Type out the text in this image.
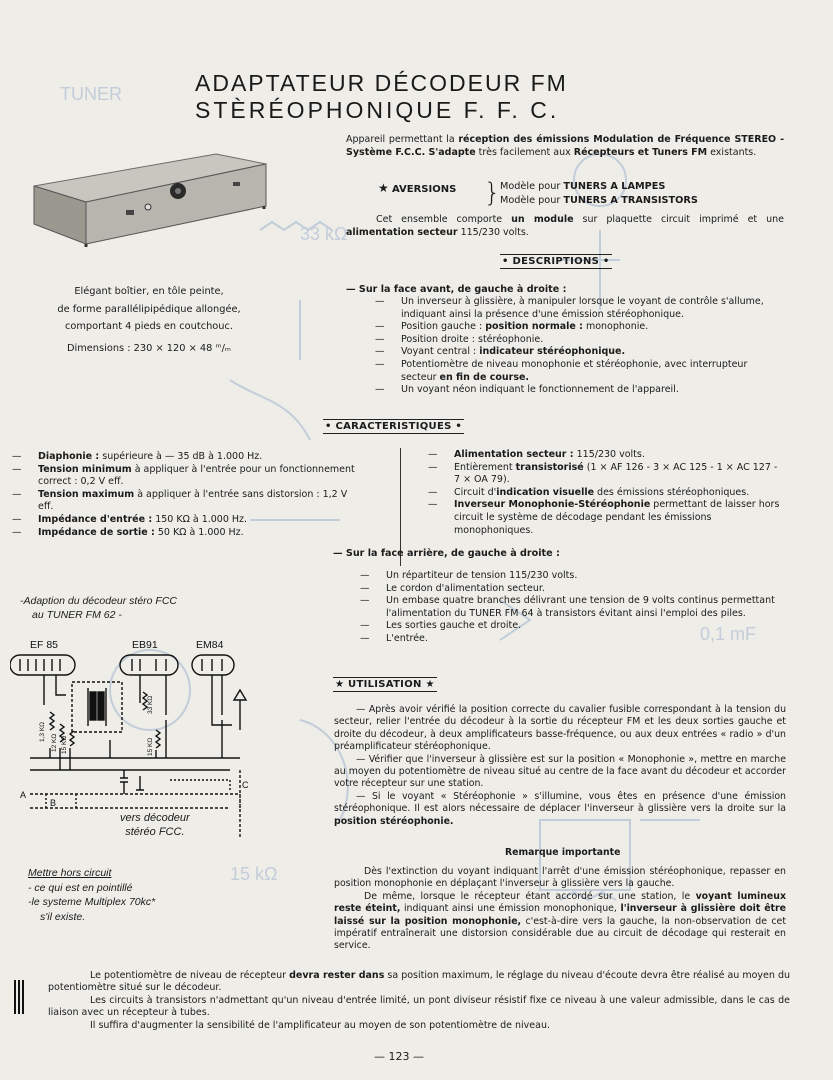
TUNER
33 kΩ
0,1 mF
15 kΩ
ADAPTATEUR DÉCODEUR FM
STÈRÉOPHONIQUE F. F. C.
Elégant boîtier, en tôle peinte,
de forme parallélipipédique allongée,
comportant 4 pieds en coutchouc.
Dimensions : 230 × 120 × 48 ᵐ/ₘ
Appareil permettant la réception des émissions Modulation de Fréquence STEREO - Système F.C.C. S'adapte très facilement aux Récepteurs et Tuners FM existants.
★ AVERSIONS } Modèle pour TUNERS A LAMPES
Modèle pour TUNERS A TRANSISTORS
Cet ensemble comporte un module sur plaquette circuit imprimé et une alimentation secteur 115/230 volts.
• DESCRIPTIONS •
— Sur la face avant, de gauche à droite :
— Un inverseur à glissière, à manipuler lorsque le voyant de contrôle s'allume, indiquant ainsi la présence d'une émission stéréophonique.
— Position gauche : position normale : monophonie.
— Position droite : stéréophonie.
— Voyant central : indicateur stéréophonique.
— Potentiomètre de niveau monophonie et stéréophonie, avec interrupteur secteur en fin de course.
— Un voyant néon indiquant le fonctionnement de l'appareil.
• CARACTERISTIQUES •
— Diaphonie : supérieure à — 35 dB à 1.000 Hz.
— Tension minimum à appliquer à l'entrée pour un fonctionnement correct : 0,2 V eff.
— Tension maximum à appliquer à l'entrée sans distorsion : 1,2 V eff.
— Impédance d'entrée : 150 KΩ à 1.000 Hz.
— Impédance de sortie : 50 KΩ à 1.000 Hz.
— Alimentation secteur : 115/230 volts.
— Entièrement transistorisé (1 × AF 126 - 3 × AC 125 - 1 × AC 127 - 7 × OA 79).
— Circuit d'indication visuelle des émissions stéréophoniques.
— Inverseur Monophonie-Stéréophonie permettant de laisser hors circuit le système de décodage pendant les émissions monophoniques.
— Sur la face arrière, de gauche à droite :
— Un répartiteur de tension 115/230 volts.
— Le cordon d'alimentation secteur.
— Un embase quatre branches délivrant une tension de 9 volts continus permettant l'alimentation du TUNER FM 64 à transistors évitant ainsi l'emploi des piles.
— Les sorties gauche et droite.
— L'entrée.
★ UTILISATION ★

— Après avoir vérifié la position correcte du cavalier fusible correspondant à la tension du secteur, relier l'entrée du décodeur à la sortie du récepteur FM et les deux sorties gauche et droite du décodeur, à deux amplificateurs basse-fréquence, ou aux deux entrées « radio » d'un préamplificateur stéréophonique.

— Vérifier que l'inverseur à glissière est sur la position « Monophonie », mettre en marche au moyen du potentiomètre de niveau situé au centre de la face avant du décodeur et accorder votre récepteur sur une station.

— Si le voyant « Stéréophonie » s'illumine, vous êtes en présence d'une émission stéréophonique. Il est alors nécessaire de déplacer l'inverseur à glissière vers la droite sur la position stéréophonie.

Remarque importante

Dès l'extinction du voyant indiquant l'arrêt d'une émission stéréophonique, repasser en position monophonie en déplaçant l'inverseur à glissière vers la gauche.

De même, lorsque le récepteur étant accordé sur une station, le voyant lumineux reste éteint, indiquant ainsi une émission monophonique, l'inverseur à glissière doit être laissé sur la position monophonie, c'est-à-dire vers la gauche, la non-observation de cet impératif entraînerait une distorsion considérable due au circuit de décodage qui resterait en service.

-Adaption du décodeur stéro FCC
au TUNER FM 62 -
EF 85	EB91	EM84
1,3 KΩ
12 KΩ 15 KΩ
33 KΩ
15 KΩ
A
B
C
vers décodeur
stéréo FCC.
Mettre hors circuit
- ce qui est en pointillé
-le systeme Multiplex 70kc*
s'il existe.

Le potentiomètre de niveau de récepteur devra rester dans sa position maximum, le réglage du niveau d'écoute devra être réalisé au moyen du potentiomètre situé sur le décodeur.

Les circuits à transistors n'admettant qu'un niveau d'entrée limité, un pont diviseur résistif fixe ce niveau à une valeur admissible, dans le cas de liaison avec un récepteur à tubes.

Il suffira d'augmenter la sensibilité de l'amplificateur au moyen de son potentiomètre de niveau.

— 123 —
